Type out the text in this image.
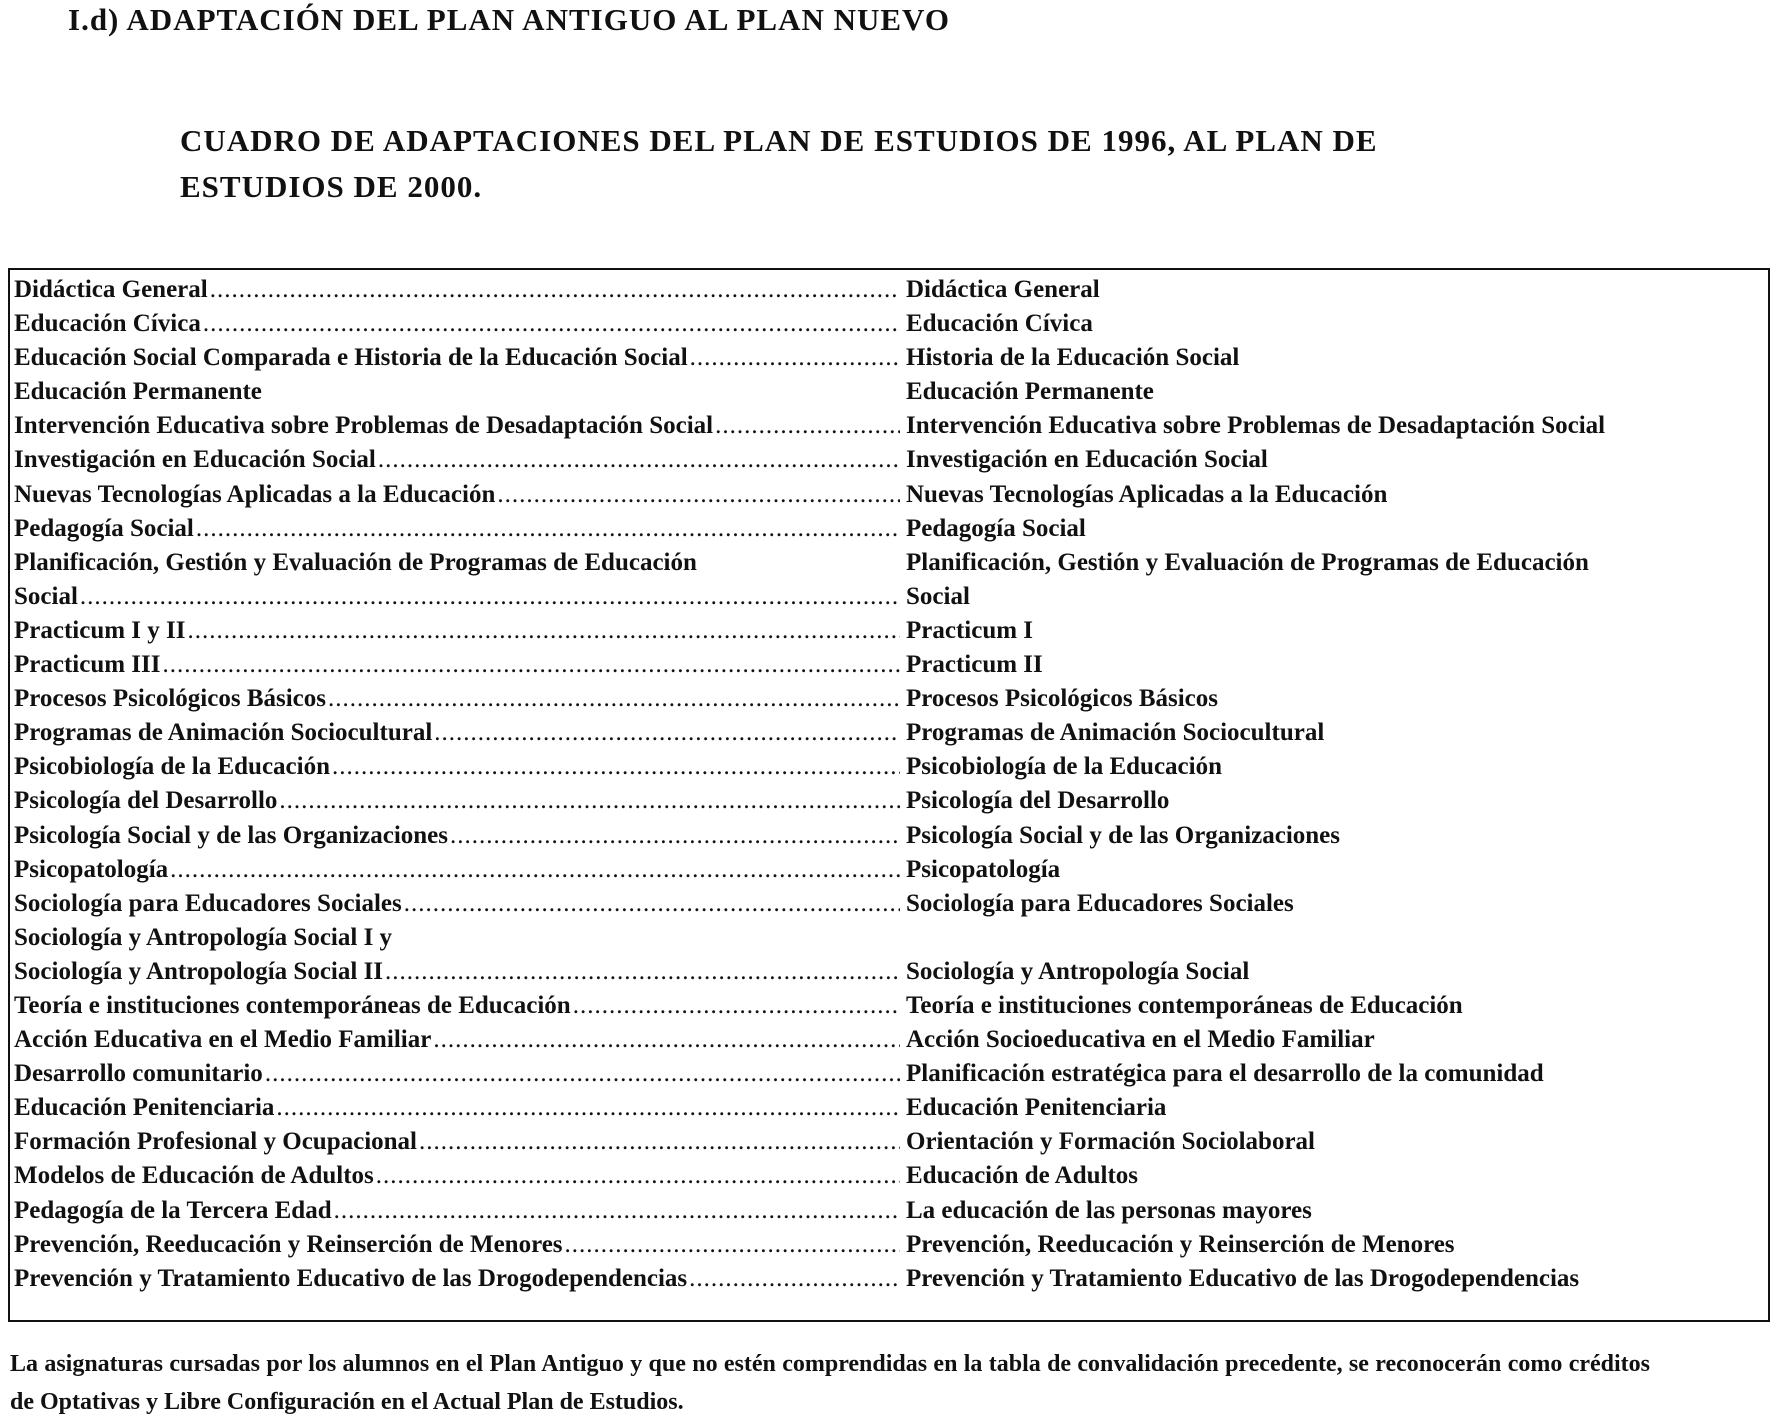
I.d) ADAPTACIÓN DEL PLAN ANTIGUO AL PLAN NUEVO
CUADRO DE ADAPTACIONES DEL PLAN DE ESTUDIOS DE 1996, AL PLAN DE
ESTUDIOS DE 2000.
Didáctica General .....	Didáctica General
Educación Cívica .....	Educación Cívica
Educación Social Comparada e Historia de la Educación Social .....	Historia de la Educación Social
Educación Permanente	Educación Permanente
Intervención Educativa sobre Problemas de Desadaptación Social .....	Intervención Educativa sobre Problemas de Desadaptación Social
Investigación en Educación Social .....	Investigación en Educación Social
Nuevas Tecnologías Aplicadas a la Educación .....	Nuevas Tecnologías Aplicadas a la Educación
Pedagogía Social .....	Pedagogía Social
Planificación, Gestión y Evaluación de Programas de Educación	Planificación, Gestión y Evaluación de Programas de Educación
Social .....	Social
Practicum I y II .....	Practicum I
Practicum III .....	Practicum II
Procesos Psicológicos Básicos .....	Procesos Psicológicos Básicos
Programas de Animación Sociocultural .....	Programas de Animación Sociocultural
Psicobiología de la Educación .....	Psicobiología de la Educación
Psicología del Desarrollo .....	Psicología del Desarrollo
Psicología Social y de las Organizaciones .....	Psicología Social y de las Organizaciones
Psicopatología .....	Psicopatología
Sociología para Educadores Sociales .....	Sociología para Educadores Sociales
Sociología y Antropología Social I y
Sociología y Antropología Social II .....	Sociología y Antropología Social
Teoría e instituciones contemporáneas de Educación .....	Teoría e instituciones contemporáneas de Educación
Acción Educativa en el Medio Familiar .....	Acción Socioeducativa en el Medio Familiar
Desarrollo comunitario .....	Planificación estratégica para el desarrollo de la comunidad
Educación Penitenciaria .....	Educación Penitenciaria
Formación Profesional y Ocupacional .....	Orientación y Formación Sociolaboral
Modelos de Educación de Adultos .....	Educación de Adultos
Pedagogía de la Tercera Edad .....	La educación de las personas mayores
Prevención, Reeducación y Reinserción de Menores .....	Prevención, Reeducación y Reinserción de Menores
Prevención y Tratamiento Educativo de las Drogodependencias .....	Prevención y Tratamiento Educativo de las Drogodependencias

La asignaturas cursadas por los alumnos en el Plan Antiguo y que no estén comprendidas en la tabla de convalidación precedente, se reconocerán como créditos de Optativas y Libre Configuración en el Actual Plan de Estudios.
